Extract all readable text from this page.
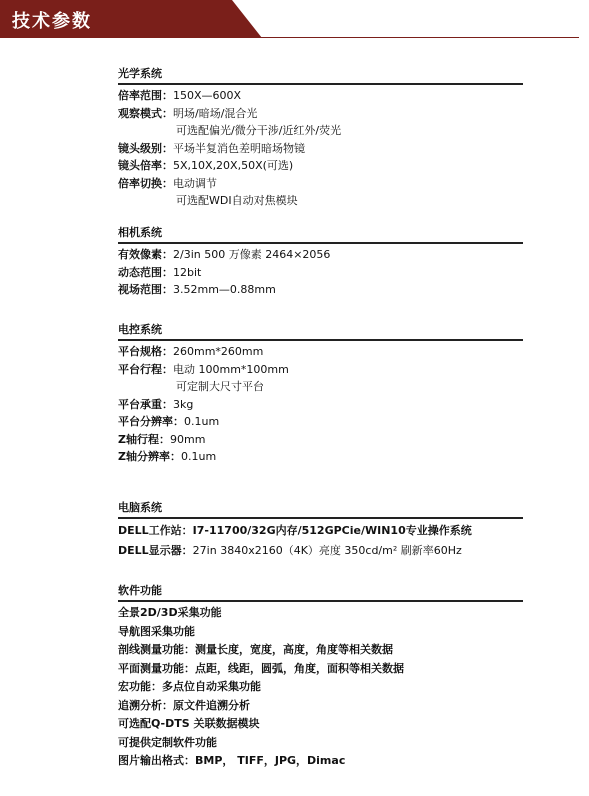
技术参数
光学系统
倍率范围： 150X—600X
观察模式： 明场/暗场/混合光
可选配偏光/微分干涉/近红外/荧光
镜头级别： 平场半复消色差明暗场物镜
镜头倍率： 5X,10X,20X,50X(可选)
倍率切换： 电动调节
可选配WDI自动对焦模块
相机系统
有效像素： 2/3in 500 万像素 2464×2056
动态范围： 12bit
视场范围： 3.52mm—0.88mm
电控系统
平台规格： 260mm*260mm
平台行程： 电动 100mm*100mm
可定制大尺寸平台
平台承重： 3kg
平台分辨率： 0.1um
Z轴行程： 90mm
Z轴分辨率： 0.1um
电脑系统
DELL工作站： I7-11700/32G内存/512GPCie/WIN10专业操作系统
DELL显示器： 27in 3840x2160（4K）亮度 350cd/m² 刷新率60Hz
软件功能
全景2D/3D采集功能
导航图采集功能
剖线测量功能：测量长度，宽度，高度，角度等相关数据
平面测量功能：点距，线距，圆弧，角度，面积等相关数据
宏功能：多点位自动采集功能
追溯分析：原文件追溯分析
可选配Q-DTS 关联数据模块
可提供定制软件功能
图片输出格式：BMP， TIFF，JPG，Dimac
